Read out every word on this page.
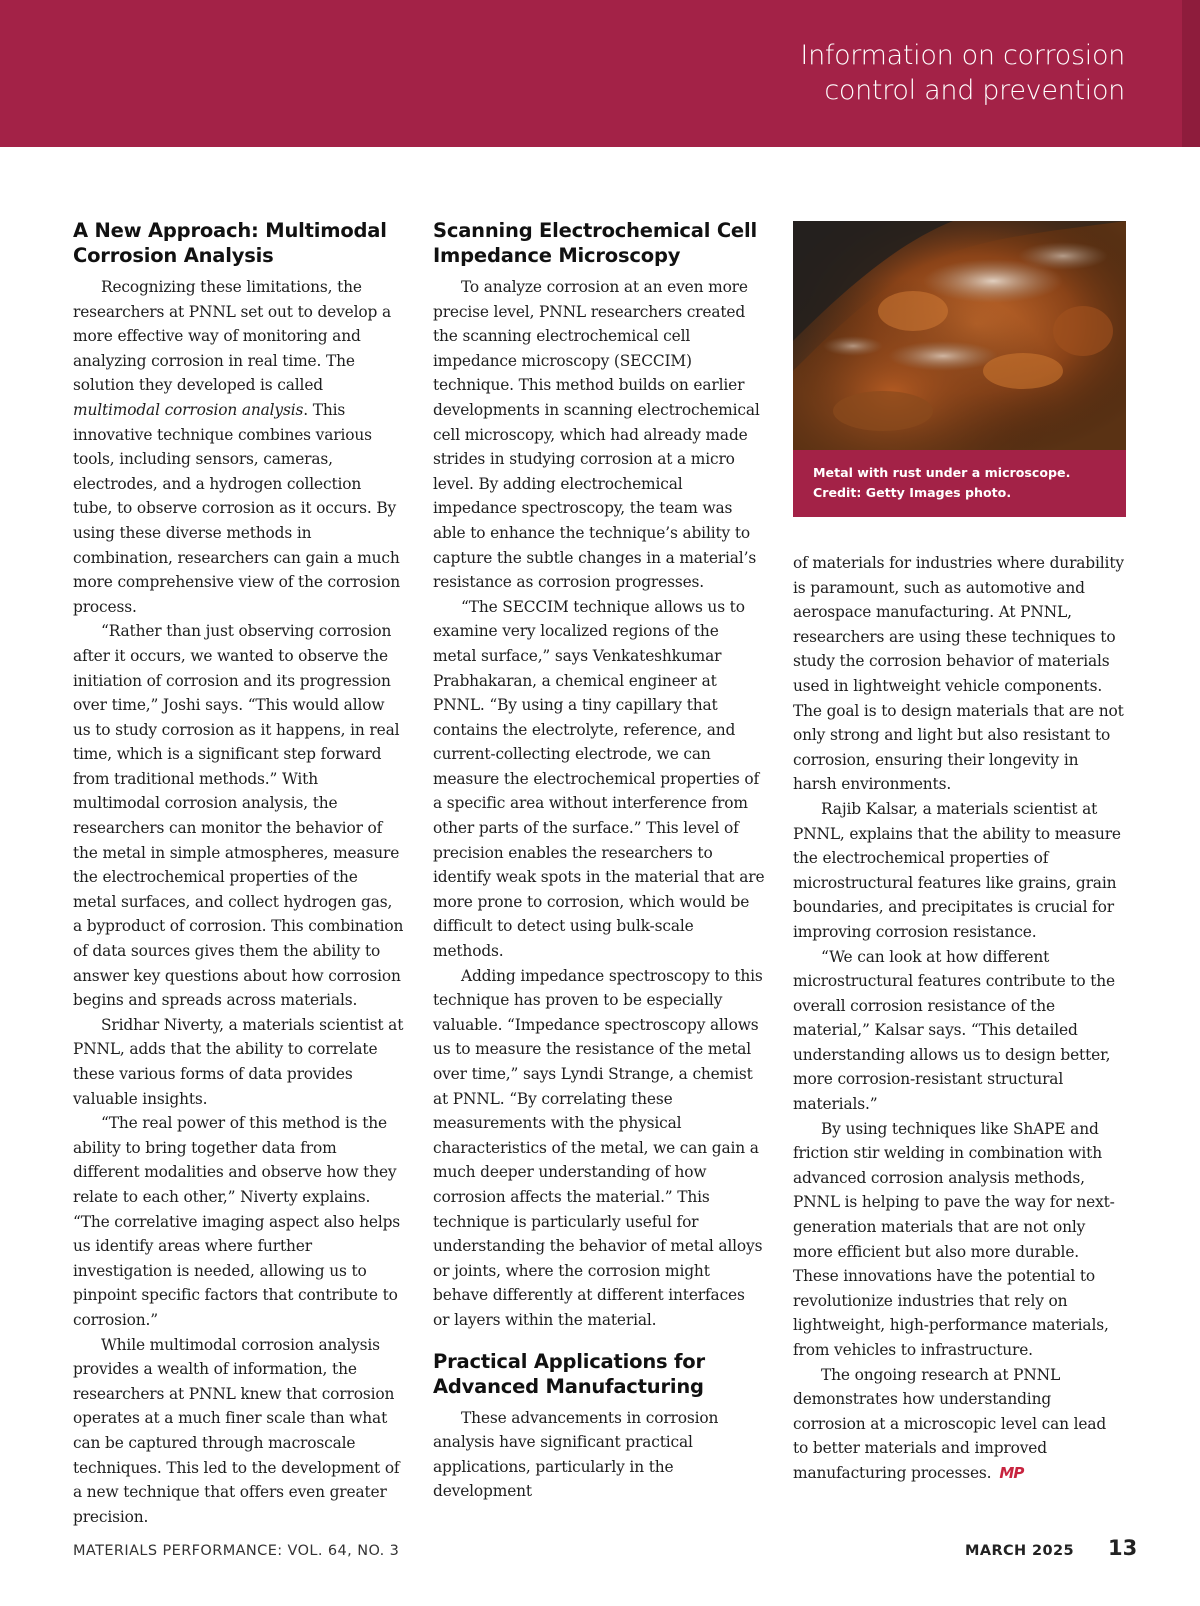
Information on corrosion
control and prevention
A New Approach: Multimodal Corrosion Analysis

Recognizing these limitations, the researchers at PNNL set out to develop a more effective way of monitoring and analyzing corrosion in real time. The solution they developed is called multimodal corrosion analysis. This innovative technique combines various tools, including sensors, cameras, electrodes, and a hydrogen collection tube, to observe corrosion as it occurs. By using these diverse methods in combination, researchers can gain a much more comprehensive view of the corrosion process.

“Rather than just observing corrosion after it occurs, we wanted to observe the initiation of corrosion and its progression over time,” Joshi says. “This would allow us to study corrosion as it happens, in real time, which is a significant step forward from traditional methods.” With multimodal corrosion analysis, the researchers can monitor the behavior of the metal in simple atmospheres, measure the electrochemical properties of the metal surfaces, and collect hydrogen gas, a byproduct of corrosion. This combination of data sources gives them the ability to answer key questions about how corrosion begins and spreads across materials.

Sridhar Niverty, a materials scientist at PNNL, adds that the ability to correlate these various forms of data provides valuable insights.

“The real power of this method is the ability to bring together data from different modalities and observe how they relate to each other,” Niverty explains. “The correlative imaging aspect also helps us identify areas where further investigation is needed, allowing us to pinpoint specific factors that contribute to corrosion.”

While multimodal corrosion analysis provides a wealth of information, the researchers at PNNL knew that corrosion operates at a much finer scale than what can be captured through macroscale techniques. This led to the development of a new technique that offers even greater precision.

Scanning Electrochemical Cell Impedance Microscopy

To analyze corrosion at an even more precise level, PNNL researchers created the scanning electrochemical cell impedance microscopy (SECCIM) technique. This method builds on earlier developments in scanning electrochemical cell microscopy, which had already made strides in studying corrosion at a micro level. By adding electrochemical impedance spectroscopy, the team was able to enhance the technique’s ability to capture the subtle changes in a material’s resistance as corrosion progresses.

“The SECCIM technique allows us to examine very localized regions of the metal surface,” says Venkateshkumar Prabhakaran, a chemical engineer at PNNL. “By using a tiny capillary that contains the electrolyte, reference, and current-collecting electrode, we can measure the electrochemical properties of a specific area without interference from other parts of the surface.” This level of precision enables the researchers to identify weak spots in the material that are more prone to corrosion, which would be difficult to detect using bulk-scale methods.

Adding impedance spectroscopy to this technique has proven to be especially valuable. “Impedance spectroscopy allows us to measure the resistance of the metal over time,” says Lyndi Strange, a chemist at PNNL. “By correlating these measurements with the physical characteristics of the metal, we can gain a much deeper understanding of how corrosion affects the material.” This technique is particularly useful for understanding the behavior of metal alloys or joints, where the corrosion might behave differently at different interfaces or layers within the material.

Practical Applications for Advanced Manufacturing

These advancements in corrosion analysis have significant practical applications, particularly in the development

Metal with rust under a microscope.
Credit: Getty Images photo.

of materials for industries where durability is paramount, such as automotive and aerospace manufacturing. At PNNL, researchers are using these techniques to study the corrosion behavior of materials used in lightweight vehicle components. The goal is to design materials that are not only strong and light but also resistant to corrosion, ensuring their longevity in harsh environments.

Rajib Kalsar, a materials scientist at PNNL, explains that the ability to measure the electrochemical properties of microstructural features like grains, grain boundaries, and precipitates is crucial for improving corrosion resistance.

“We can look at how different microstructural features contribute to the overall corrosion resistance of the material,” Kalsar says. “This detailed understanding allows us to design better, more corrosion-resistant structural materials.”

By using techniques like ShAPE and friction stir welding in combination with advanced corrosion analysis methods, PNNL is helping to pave the way for next-generation materials that are not only more efficient but also more durable. These innovations have the potential to revolutionize industries that rely on lightweight, high-performance materials, from vehicles to infrastructure.

The ongoing research at PNNL demonstrates how understanding corrosion at a microscopic level can lead to better materials and improved manufacturing processes. MP

MATERIALS PERFORMANCE: VOL. 64, NO. 3	MARCH 2025 13
